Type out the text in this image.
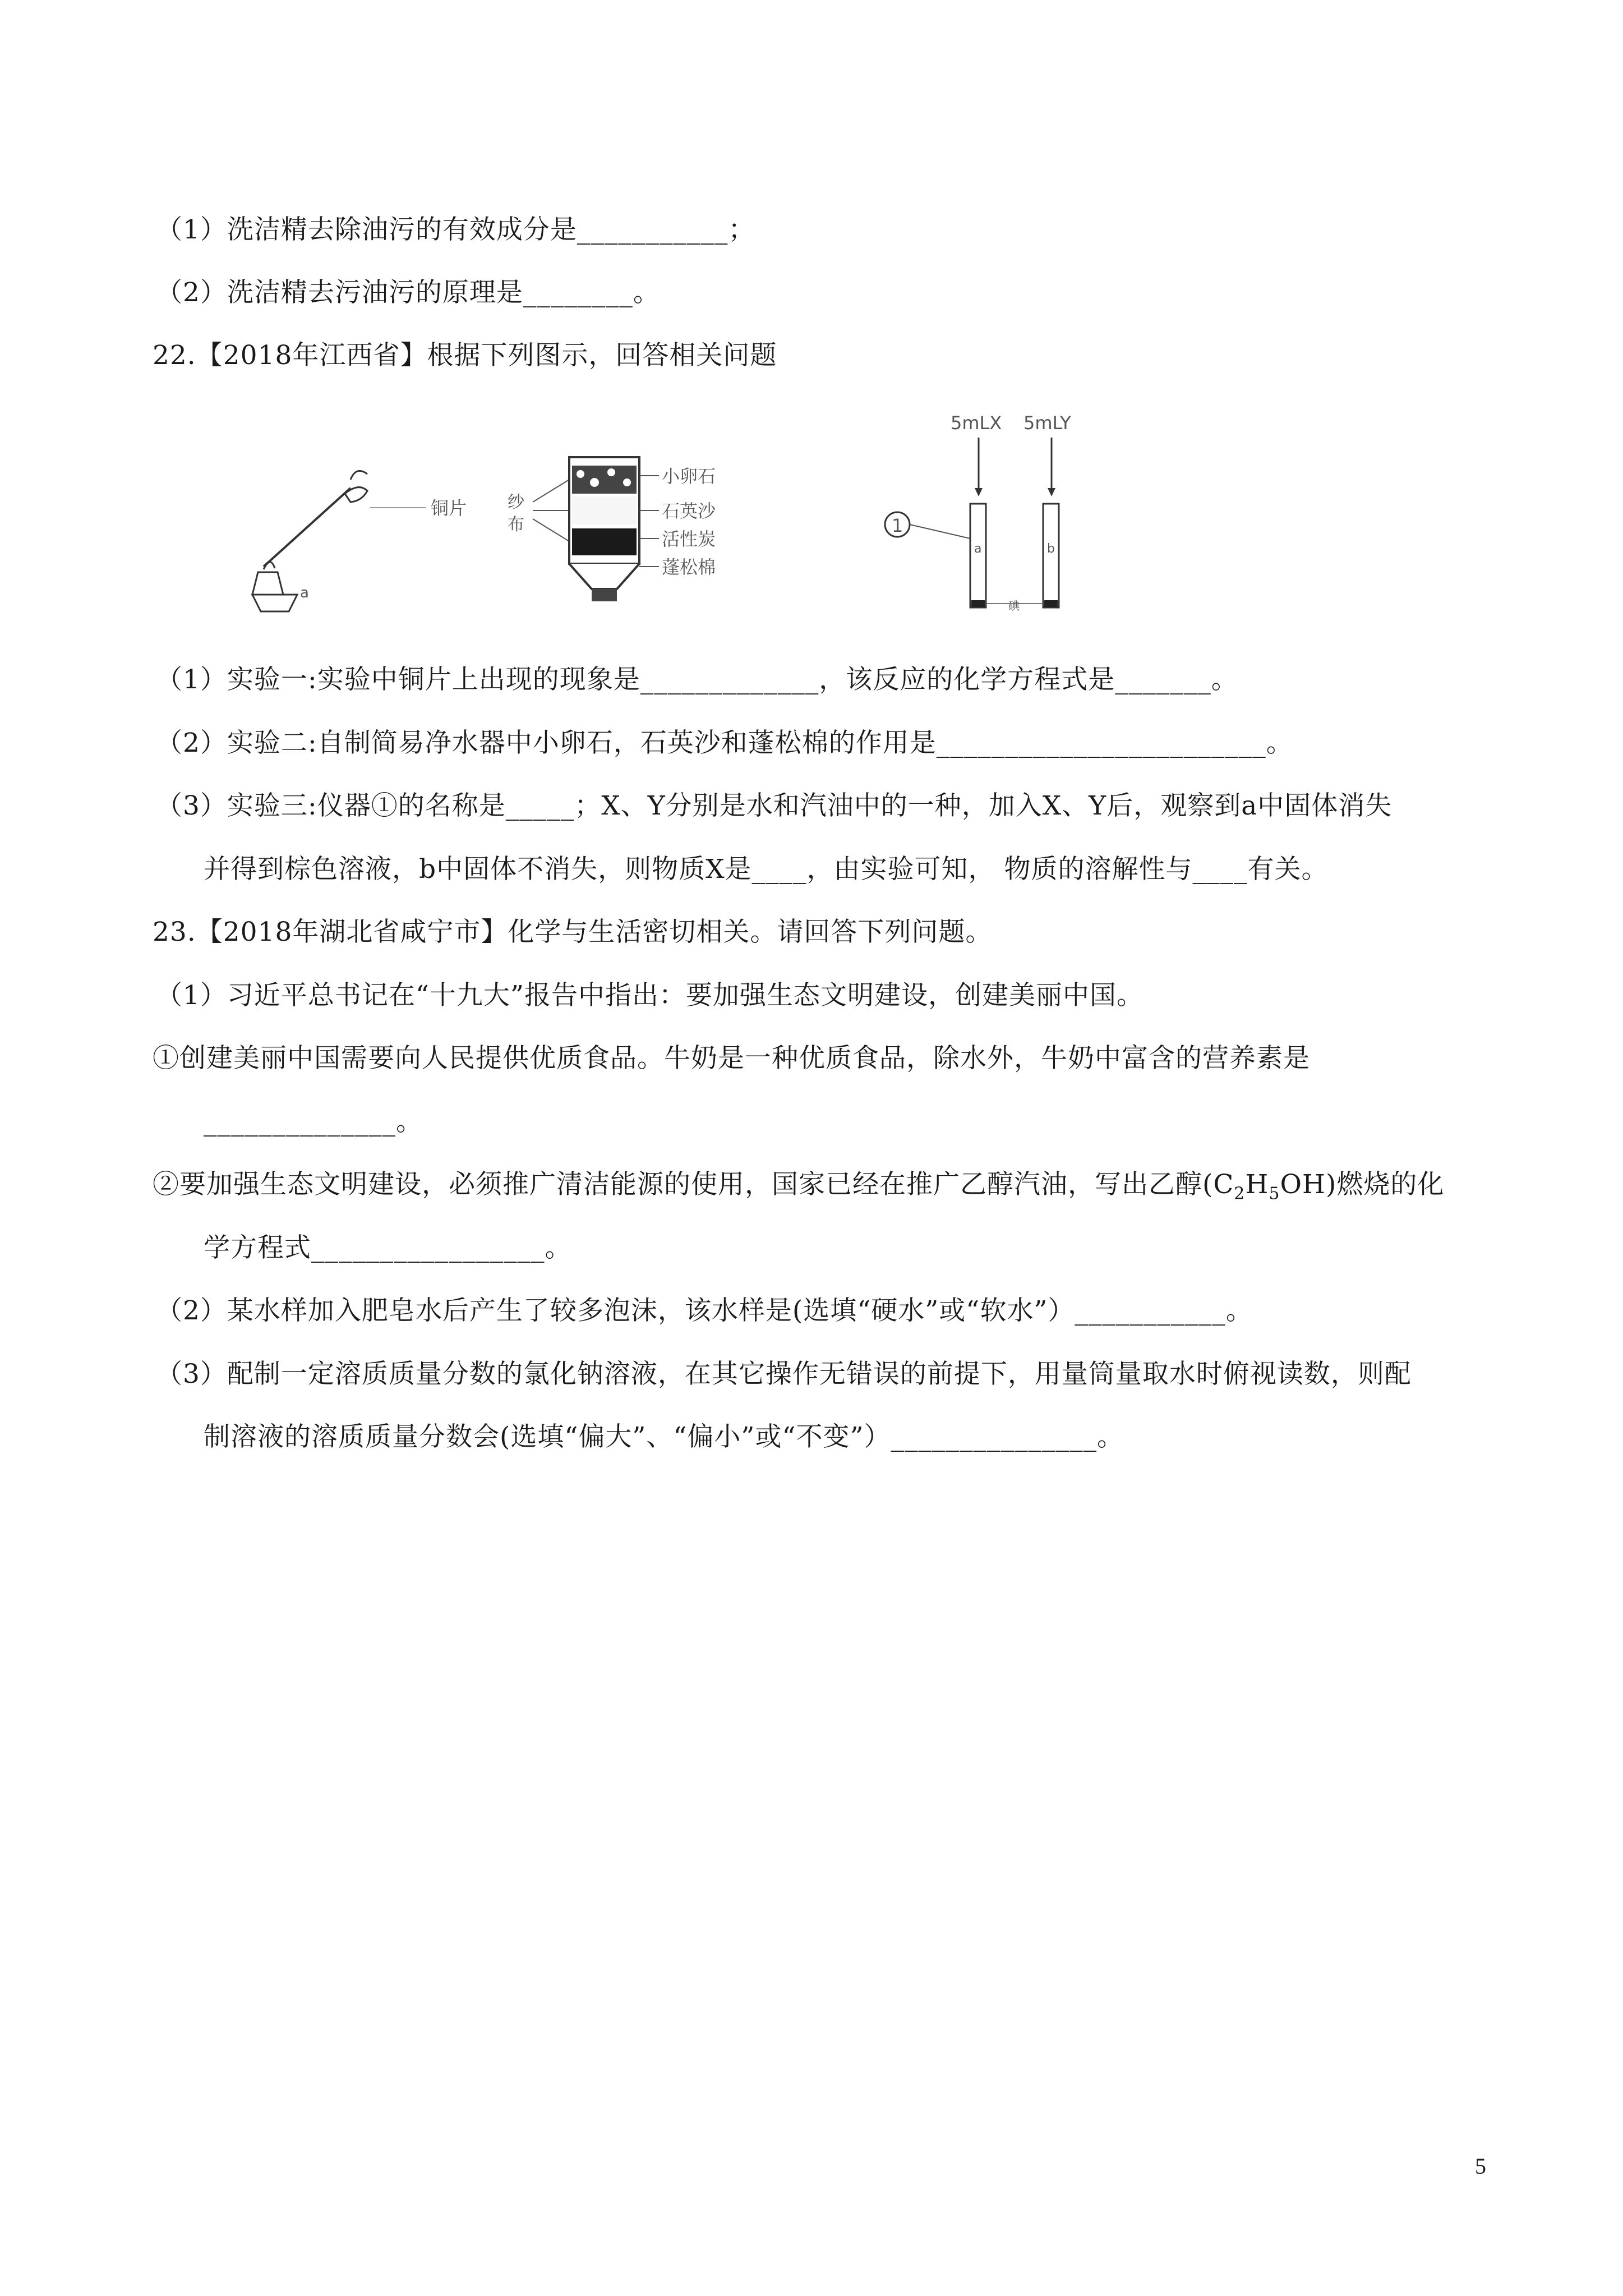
（1）洗洁精去除油污的有效成分是___________；
（2）洗洁精去污油污的原理是________。
22.【2018年江西省】根据下列图示，回答相关问题
铜片
a
纱
布
小卵石
石英沙
活性炭
蓬松棉
5mLX 5mLY
1
a	b
碘
（1）实验一:实验中铜片上出现的现象是_____________，该反应的化学方程式是_______。
（2）实验二:自制简易净水器中小卵石，石英沙和蓬松棉的作用是________________________。
（3）实验三:仪器①的名称是_____；X、Y分别是水和汽油中的一种，加入X、Y后，观察到a中固体消失
并得到棕色溶液，b中固体不消失，则物质X是____，由实验可知， 物质的溶解性与____有关。
23.【2018年湖北省咸宁市】化学与生活密切相关。请回答下列问题。
（1）习近平总书记在“十九大”报告中指出：要加强生态文明建设，创建美丽中国。
①创建美丽中国需要向人民提供优质食品。牛奶是一种优质食品，除水外，牛奶中富含的营养素是
______________。
②要加强生态文明建设，必须推广清洁能源的使用，国家已经在推广乙醇汽油，写出乙醇$(C_2H_5OH)$燃烧的化
学方程式_________________。
（2）某水样加入肥皂水后产生了较多泡沫，该水样是(选填“硬水”或“软水”）___________。
（3）配制一定溶质质量分数的氯化钠溶液，在其它操作无错误的前提下，用量筒量取水时俯视读数，则配
制溶液的溶质质量分数会(选填“偏大”、“偏小”或“不变”）_______________。
5
